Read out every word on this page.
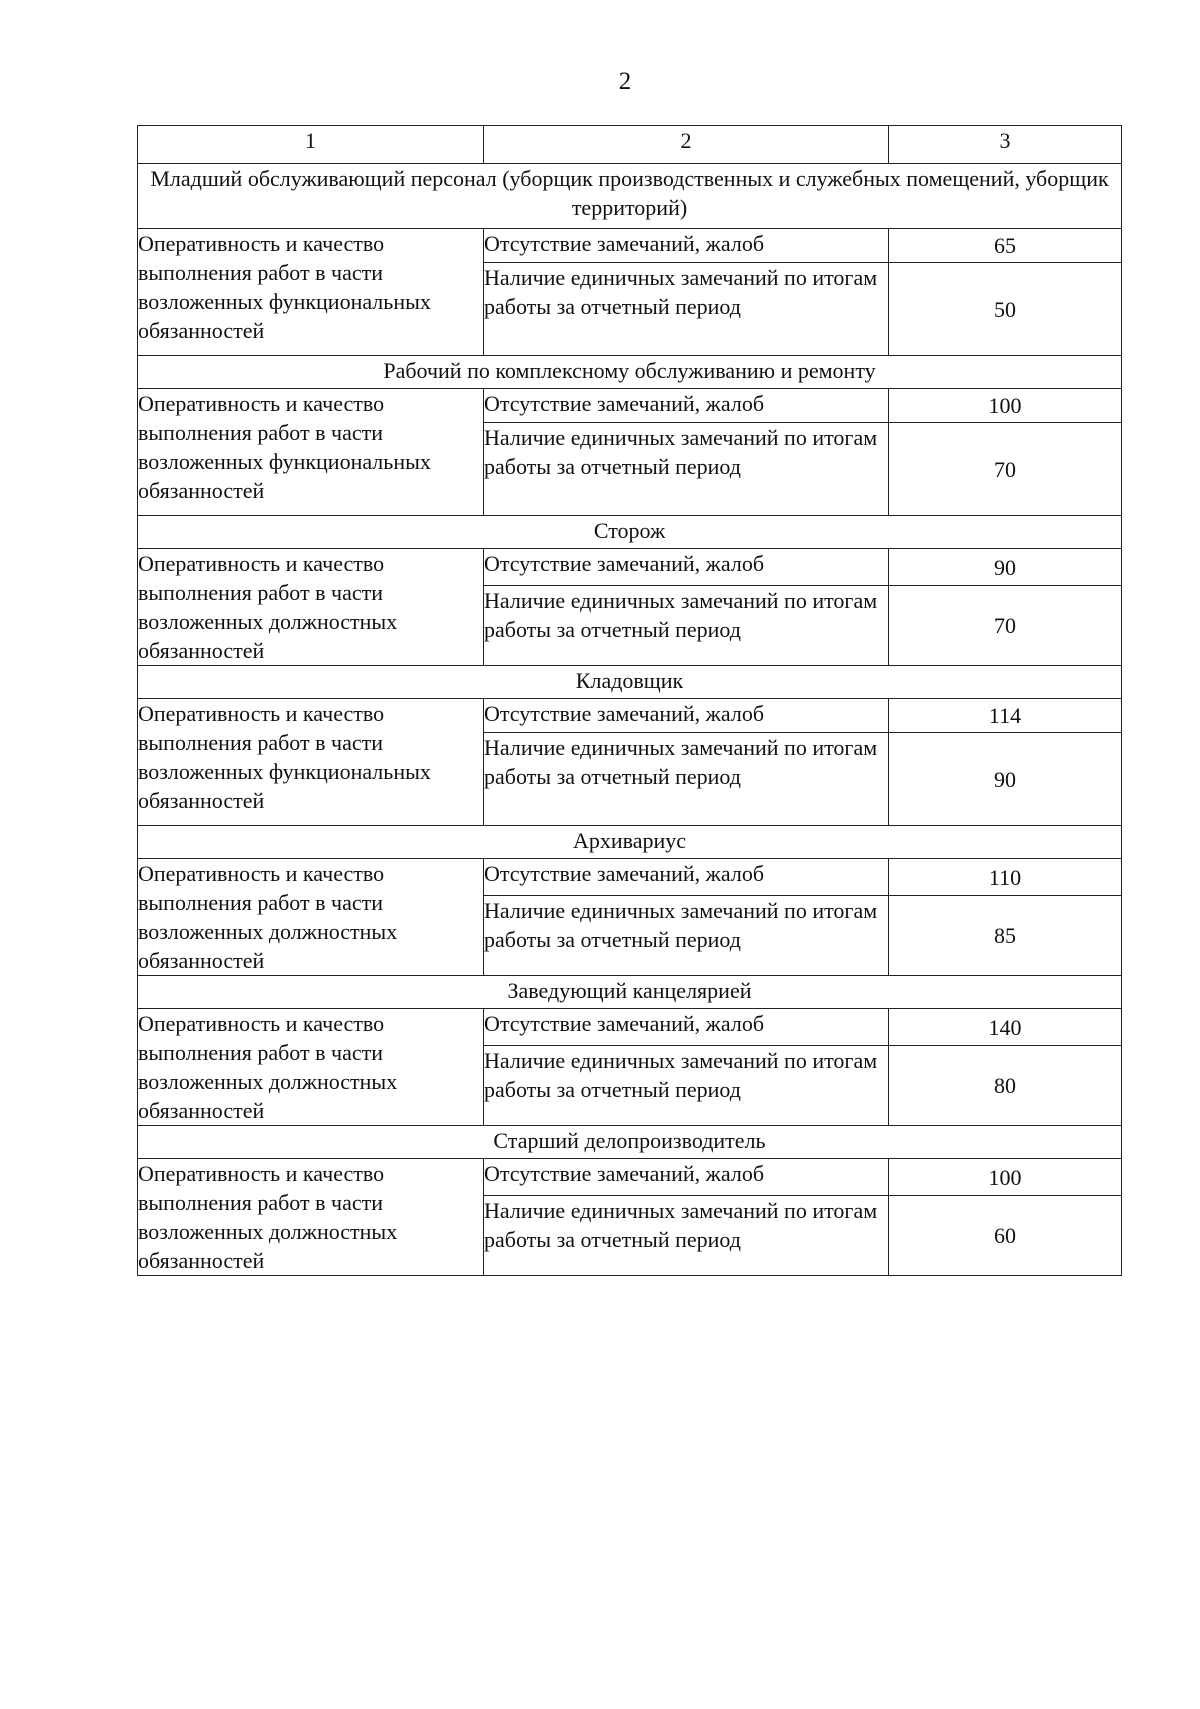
2
1	2	3
Младший обслуживающий персонал (уборщик производственных и служебных помещений, уборщик территорий)		
Оперативность и качество выполнения работ в части возложенных функциональных обязанностей	Отсутствие замечаний, жалоб	65
	Наличие единичных замечаний по итогам работы за отчетный период	50
Рабочий по комплексному обслуживанию и ремонту		
Оперативность и качество выполнения работ в части возложенных функциональных обязанностей	Отсутствие замечаний, жалоб	100
	Наличие единичных замечаний по итогам работы за отчетный период	70
Сторож		
Оперативность и качество выполнения работ в части возложенных должностных обязанностей	Отсутствие замечаний, жалоб	90
	Наличие единичных замечаний по итогам работы за отчетный период	70
Кладовщик		
Оперативность и качество выполнения работ в части возложенных функциональных обязанностей	Отсутствие замечаний, жалоб	114
	Наличие единичных замечаний по итогам работы за отчетный период	90
Архивариус		
Оперативность и качество выполнения работ в части возложенных должностных обязанностей	Отсутствие замечаний, жалоб	110
	Наличие единичных замечаний по итогам работы за отчетный период	85
Заведующий канцелярией		
Оперативность и качество выполнения работ в части возложенных должностных обязанностей	Отсутствие замечаний, жалоб	140
	Наличие единичных замечаний по итогам работы за отчетный период	80
Старший делопроизводитель		
Оперативность и качество выполнения работ в части возложенных должностных обязанностей	Отсутствие замечаний, жалоб	100
	Наличие единичных замечаний по итогам работы за отчетный период	60
